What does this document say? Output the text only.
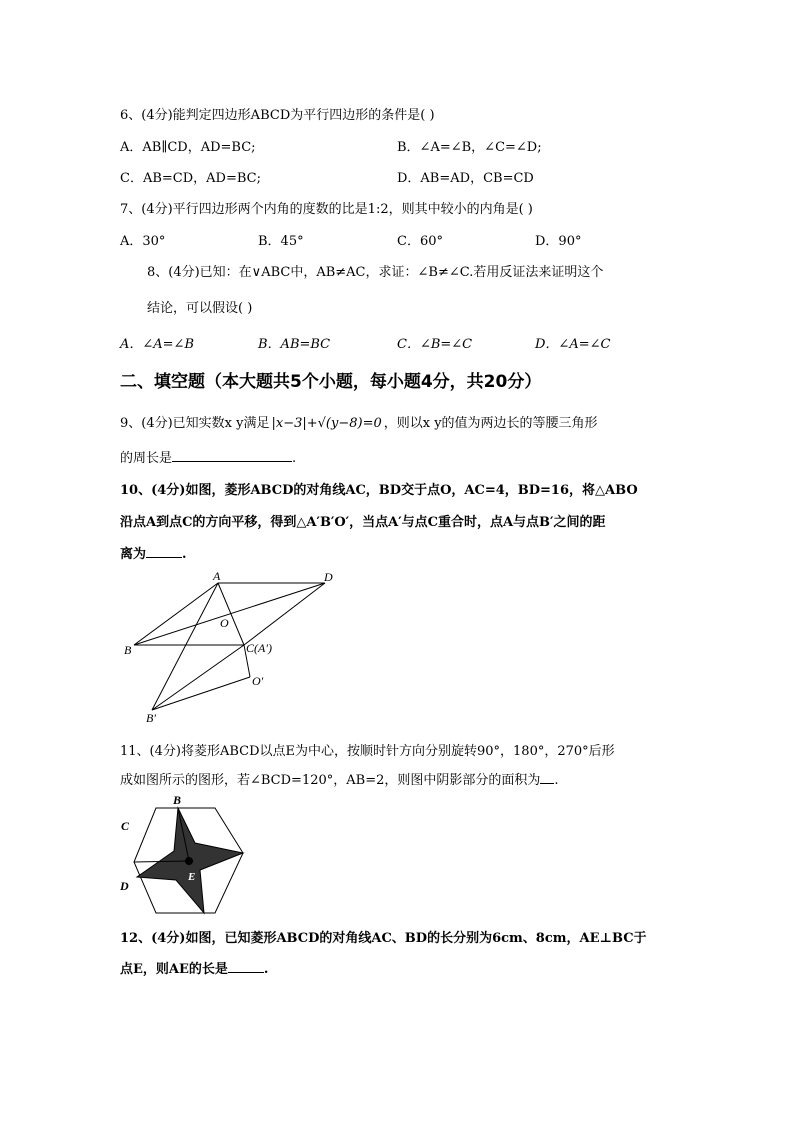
6、(4分)能判定四边形ABCD为平行四边形的条件是( )
A．AB∥CD，AD=BC;	B．∠A=∠B，∠C=∠D;
C．AB=CD，AD=BC;	D．AB=AD，CB=CD
7、(4分)平行四边形两个内角的度数的比是1:2，则其中较小的内角是( )
A．30°	B．45°	C．60°	D．90°
8、(4分)已知：在∨ABC中，AB≠AC，求证：∠B≠∠C.若用反证法来证明这个
结论，可以假设( )
A．∠A=∠B	B．AB=BC	C．∠B=∠C	D．∠A=∠C
二、填空题（本大题共5个小题，每小题4分，共20分）
9、(4分)已知实数x y满足 |x−3|+√(y−8)=0 ，则以x y的值为两边长的等腰三角形
的周长是	.
10、(4分)如图，菱形ABCD的对角线AC，BD交于点O，AC=4，BD=16，将△ABO
沿点A到点C的方向平移，得到△A′B′O′，当点A′与点C重合时，点A与点B′之间的距
离为	.
A	D
O
B	C(A′)
O′
B′
11、(4分)将菱形ABCD以点E为中心，按顺时针方向分别旋转90°，180°，270°后形
成如图所示的图形，若∠BCD=120°，AB=2，则图中阴影部分的面积为 .
B
C
A
D
E
12、(4分)如图，已知菱形ABCD的对角线AC、BD的长分别为6cm、8cm，AE⊥BC于
点E，则AE的长是	.
